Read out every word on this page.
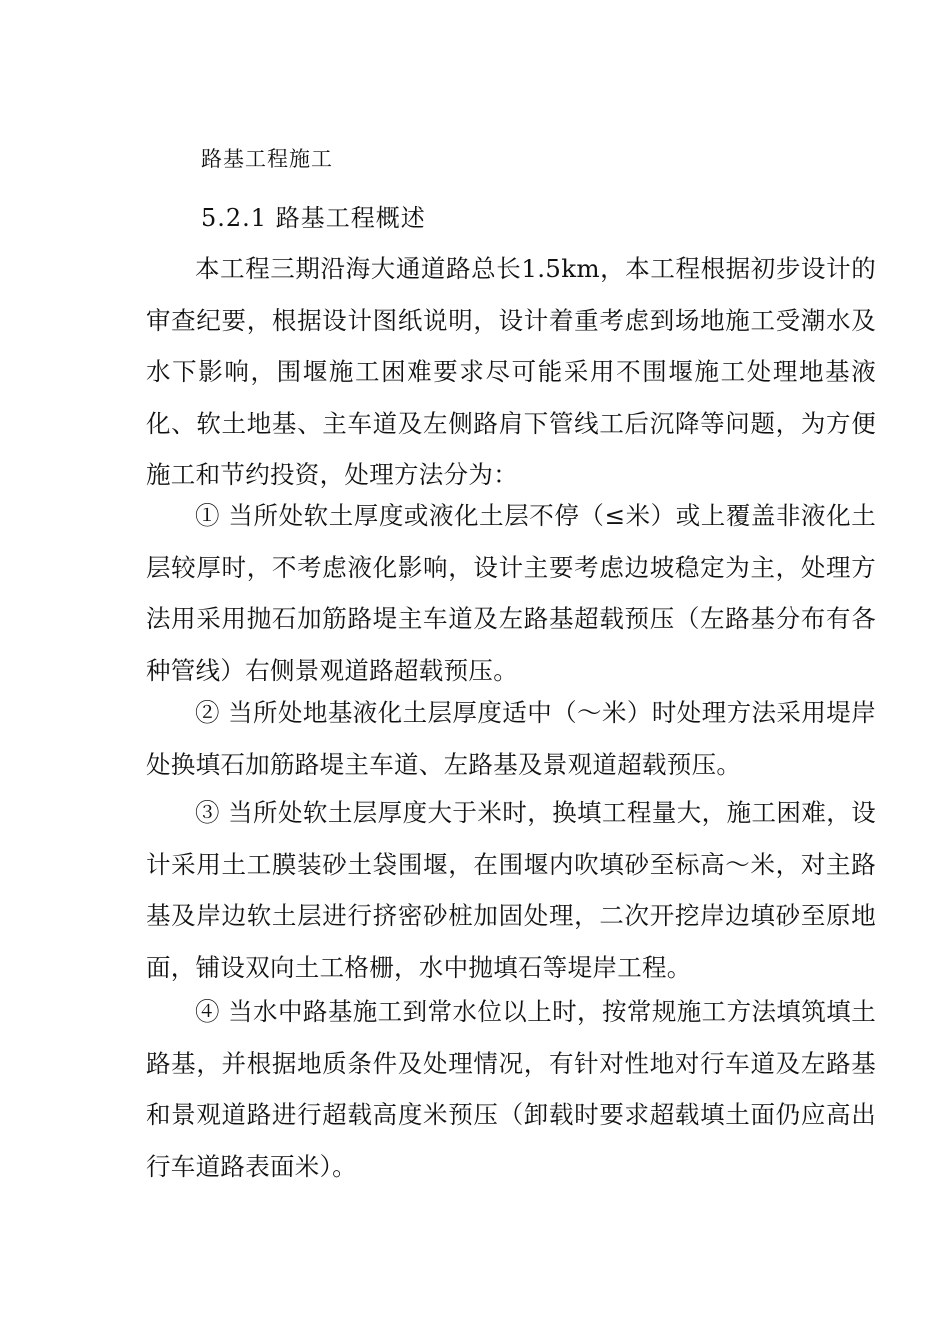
路基工程施工
5.2.1 路基工程概述

本工程三期沿海大通道路总长1.5km，本工程根据初步设计的审查纪要，根据设计图纸说明，设计着重考虑到场地施工受潮水及水下影响，围堰施工困难要求尽可能采用不围堰施工处理地基液化、软土地基、主车道及左侧路肩下管线工后沉降等问题，为方便施工和节约投资，处理方法分为：

① 当所处软土厚度或液化土层不停（≤米）或上覆盖非液化土层较厚时，不考虑液化影响，设计主要考虑边坡稳定为主，处理方法用采用抛石加筋路堤主车道及左路基超载预压（左路基分布有各种管线）右侧景观道路超载预压。

② 当所处地基液化土层厚度适中（～米）时处理方法采用堤岸处换填石加筋路堤主车道、左路基及景观道超载预压。

③ 当所处软土层厚度大于米时，换填工程量大，施工困难，设计采用土工膜装砂土袋围堰，在围堰内吹填砂至标高～米，对主路基及岸边软土层进行挤密砂桩加固处理，二次开挖岸边填砂至原地面，铺设双向土工格栅，水中抛填石等堤岸工程。

④ 当水中路基施工到常水位以上时，按常规施工方法填筑填土路基，并根据地质条件及处理情况，有针对性地对行车道及左路基和景观道路进行超载高度米预压（卸载时要求超载填土面仍应高出行车道路表面米）。
